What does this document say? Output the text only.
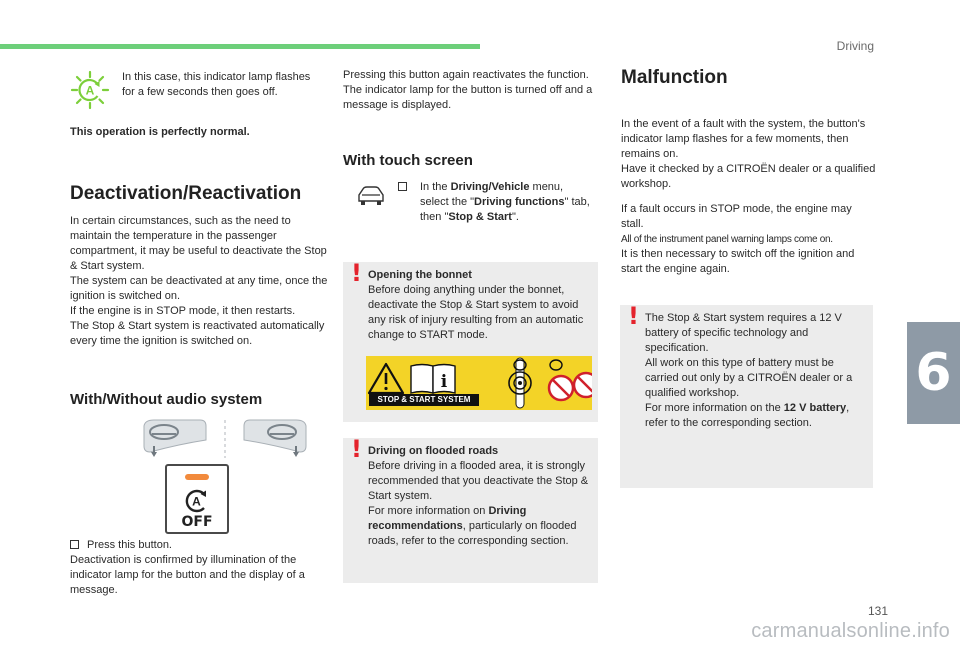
Driving
6
A
In this case, this indicator lamp flashes for a few seconds then goes off.
This operation is perfectly normal.
Deactivation/Reactivation

In certain circumstances, such as the need to maintain the temperature in the passenger compartment, it may be useful to deactivate the Stop & Start system.

The system can be deactivated at any time, once the ignition is switched on.

If the engine is in STOP mode, it then restarts.

The Stop & Start system is reactivated automatically every time the ignition is switched on.

With/Without audio system
A
OFF

Press this button.

Deactivation is confirmed by illumination of the indicator lamp for the button and the display of a message.

Pressing this button again reactivates the function.

The indicator lamp for the button is turned off and a message is displayed.

With touch screen

In the Driving/Vehicle menu, select the "Driving functions" tab, then "Stop & Start".

! Opening the bonnet

Before doing anything under the bonnet, deactivate the Stop & Start system to avoid any risk of injury resulting from an automatic change to START mode.

i
STOP & START SYSTEM
! Driving on flooded roads

Before driving in a flooded area, it is strongly recommended that you deactivate the Stop & Start system.

For more information on Driving recommendations, particularly on flooded roads, refer to the corresponding section.

Malfunction

In the event of a fault with the system, the button's indicator lamp flashes for a few moments, then remains on.

Have it checked by a CITROËN dealer or a qualified workshop.

If a fault occurs in STOP mode, the engine may stall.

All of the instrument panel warning lamps come on.

It is then necessary to switch off the ignition and start the engine again.

! The Stop & Start system requires a 12 V battery of specific technology and specification.

All work on this type of battery must be carried out only by a CITROËN dealer or a qualified workshop.

For more information on the 12 V battery, refer to the corresponding section.

131
carmanualsonline.info
